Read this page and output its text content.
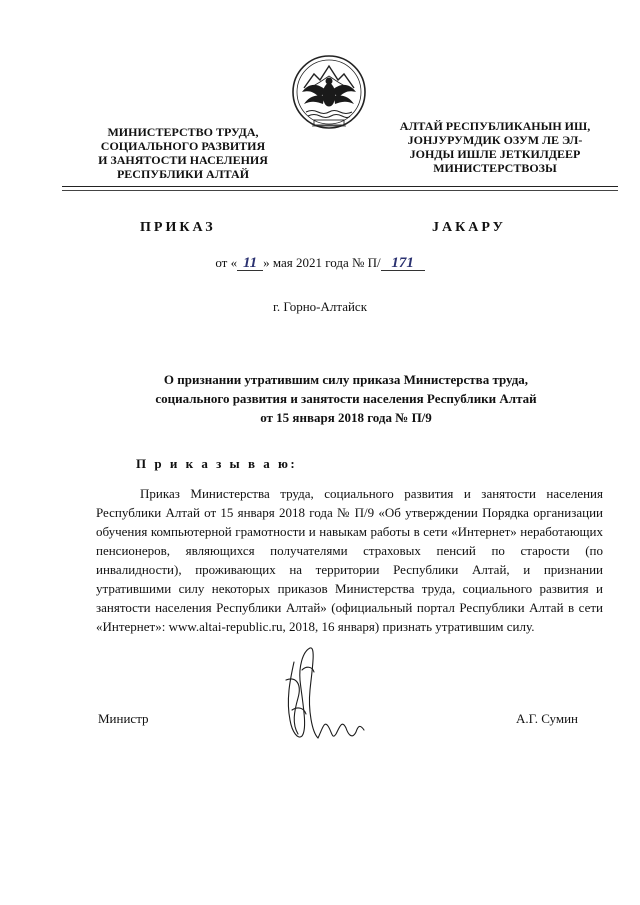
МИНИСТЕРСТВО ТРУДА,
СОЦИАЛЬНОГО РАЗВИТИЯ
И ЗАНЯТОСТИ НАСЕЛЕНИЯ
РЕСПУБЛИКИ АЛТАЙ
АЛТАЙ РЕСПУБЛИКАНЫН ИШ,
ЈОНЈУРУМДИК ОЗУМ ЛЕ ЭЛ-
ЈОНДЫ ИШЛЕ ЈЕТКИЛДЕЕР
МИНИСТЕРСТВОЗЫ
ПРИКАЗ	ЈАКАРУ
от « 11 » мая 2021 года № П/ 171
г. Горно-Алтайск
О признании утратившим силу приказа Министерства труда,
социального развития и занятости населения Республики Алтай
от 15 января 2018 года № П/9
П р и к а з ы в а ю:

Приказ Министерства труда, социального развития и занятости населения Республики Алтай от 15 января 2018 года № П/9 «Об утверждении Порядка организации обучения компьютерной грамотности и навыкам работы в сети «Интернет» неработающих пенсионеров, являющихся получателями страховых пенсий по старости (по инвалидности), проживающих на территории Республики Алтай, и признании утратившими силу некоторых приказов Министерства труда, социального развития и занятости населения Республики Алтай» (официальный портал Республики Алтай в сети «Интернет»: www.altai-republic.ru, 2018, 16 января) признать утратившим силу.

Министр	А.Г. Сумин
